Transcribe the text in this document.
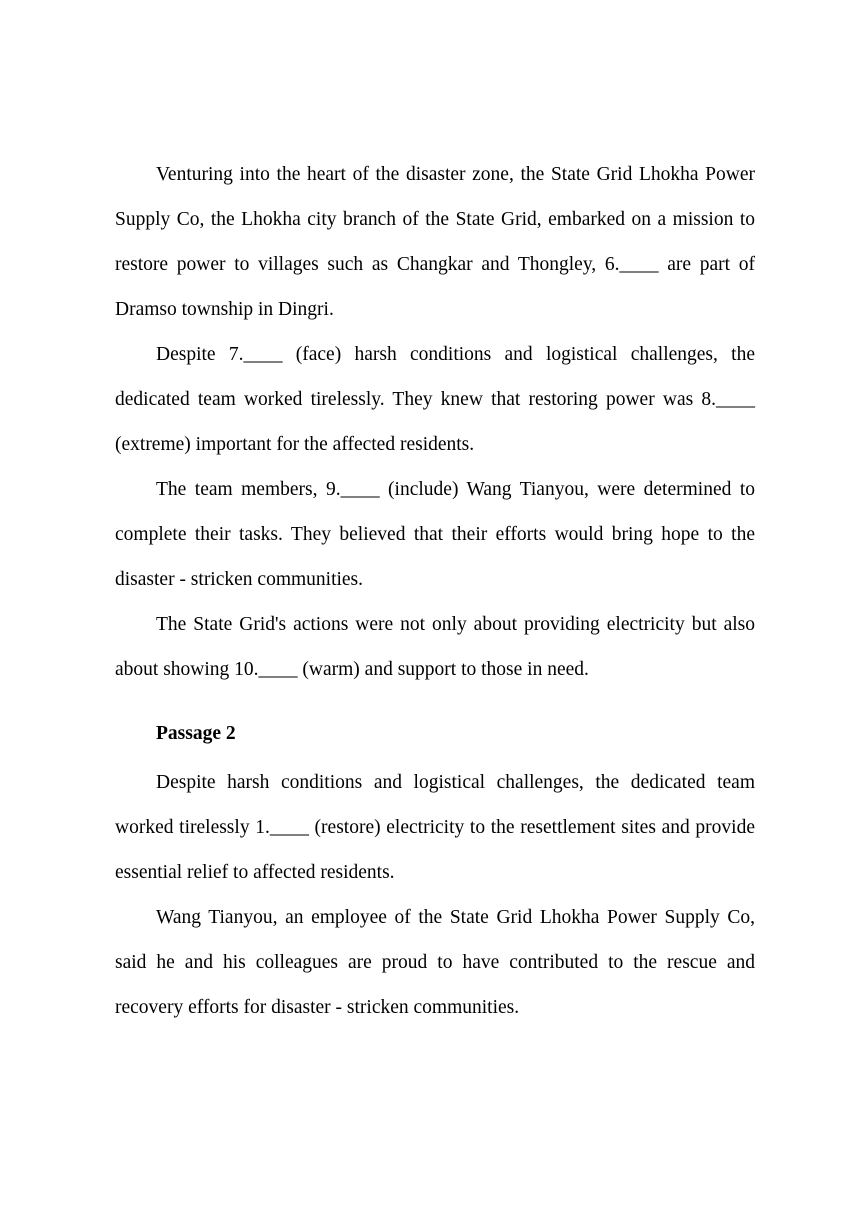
Venturing into the heart of the disaster zone, the State Grid Lhokha Power Supply Co, the Lhokha city branch of the State Grid, embarked on a mission to restore power to villages such as Changkar and Thongley, 6.____ are part of Dramso township in Dingri.

Despite 7.____ (face) harsh conditions and logistical challenges, the dedicated team worked tirelessly. They knew that restoring power was 8.____ (extreme) important for the affected residents.

The team members, 9.____ (include) Wang Tianyou, were determined to complete their tasks. They believed that their efforts would bring hope to the disaster - stricken communities.

The State Grid's actions were not only about providing electricity but also about showing 10.____ (warm) and support to those in need.

Passage 2

Despite harsh conditions and logistical challenges, the dedicated team worked tirelessly 1.____ (restore) electricity to the resettlement sites and provide essential relief to affected residents.

Wang Tianyou, an employee of the State Grid Lhokha Power Supply Co, said he and his colleagues are proud to have contributed to the rescue and recovery efforts for disaster - stricken communities.
